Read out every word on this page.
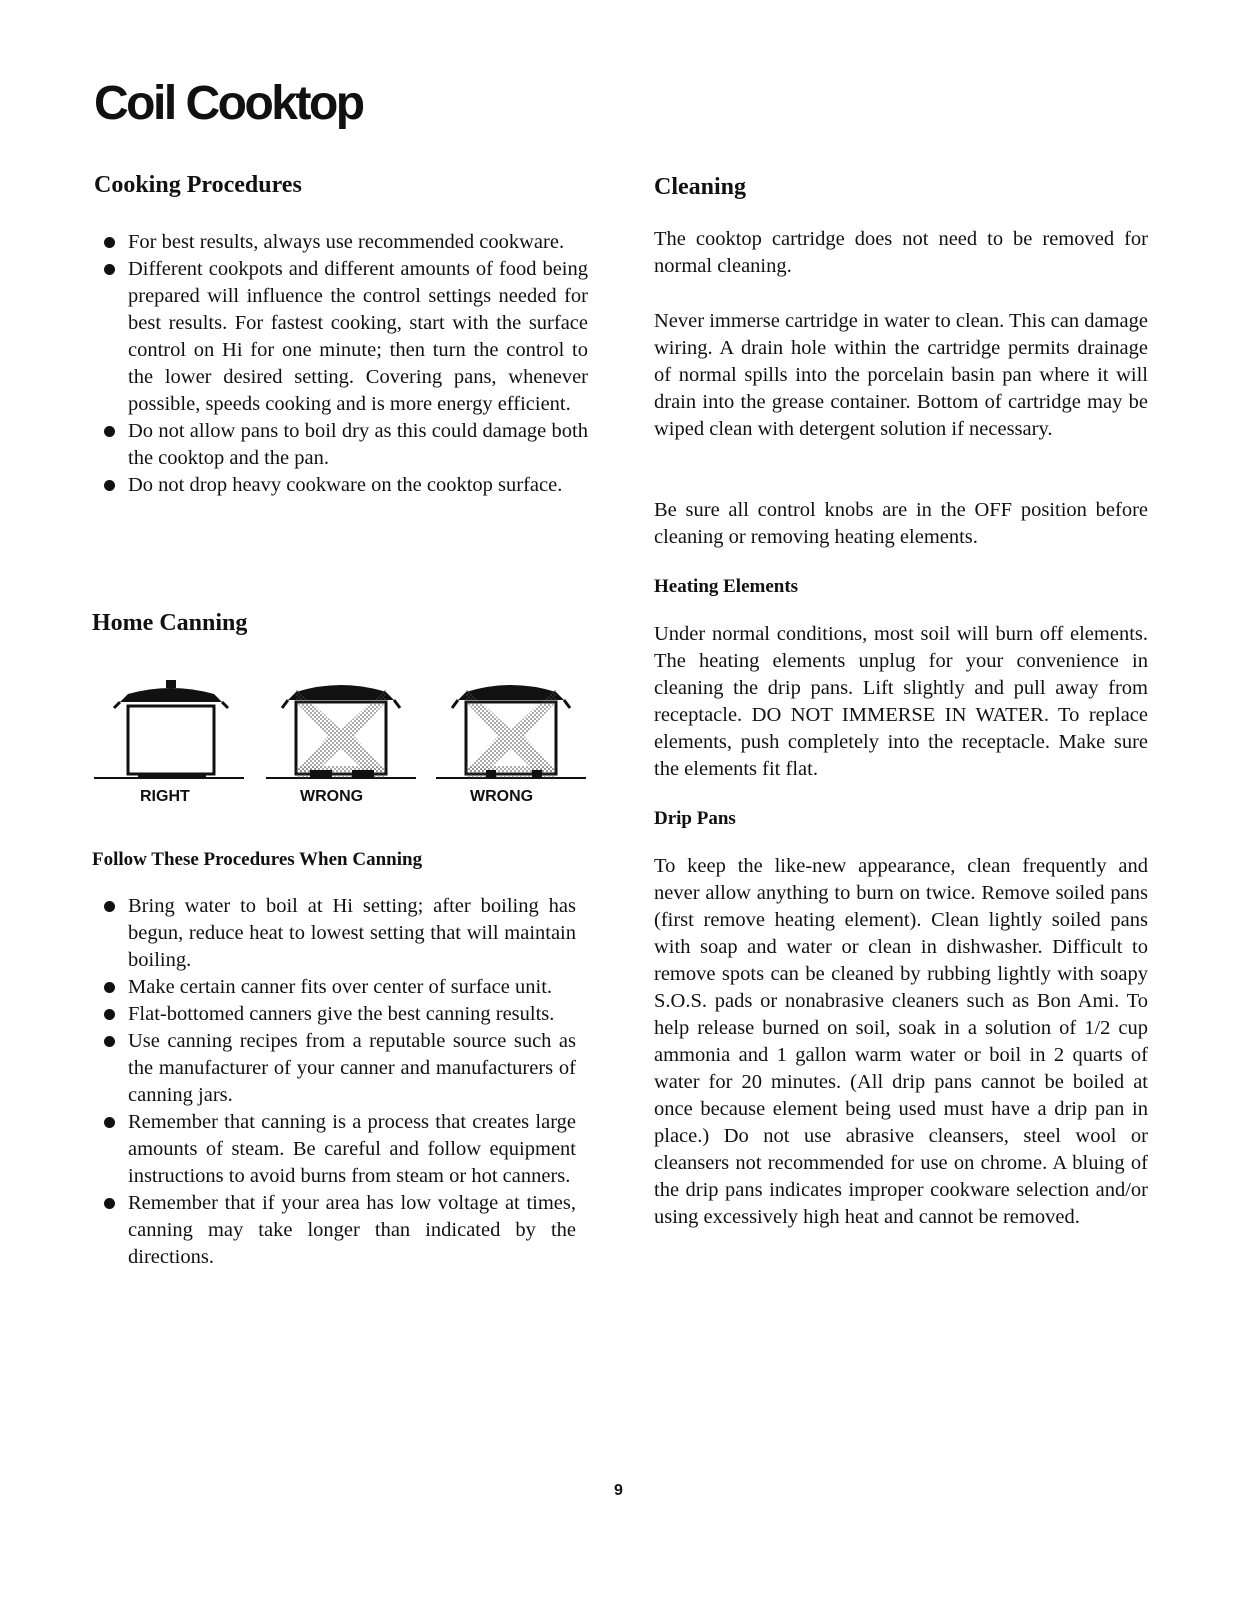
Coil Cooktop
Cooking Procedures
For best results, always use recommended cookware.
Different cookpots and different amounts of food being prepared will influence the control settings needed for best results. For fastest cooking, start with the surface control on Hi for one minute; then turn the control to the lower desired setting. Covering pans, whenever possible, speeds cooking and is more energy efficient.
Do not allow pans to boil dry as this could damage both the cooktop and the pan.
Do not drop heavy cookware on the cooktop surface.
Home Canning
RIGHT	WRONG	WRONG
Follow These Procedures When Canning
Bring water to boil at Hi setting; after boiling has begun, reduce heat to lowest setting that will maintain boiling.
Make certain canner fits over center of surface unit.
Flat-bottomed canners give the best canning results.
Use canning recipes from a reputable source such as the manufacturer of your canner and manufacturers of canning jars.
Remember that canning is a process that creates large amounts of steam. Be careful and follow equipment instructions to avoid burns from steam or hot canners.
Remember that if your area has low voltage at times, canning may take longer than indicated by the directions.
Cleaning

The cooktop cartridge does not need to be removed for normal cleaning.

Never immerse cartridge in water to clean. This can damage wiring. A drain hole within the cartridge permits drainage of normal spills into the porcelain basin pan where it will drain into the grease container. Bottom of cartridge may be wiped clean with detergent solution if necessary.

Be sure all control knobs are in the OFF position before cleaning or removing heating elements.

Heating Elements

Under normal conditions, most soil will burn off elements. The heating elements unplug for your convenience in cleaning the drip pans. Lift slightly and pull away from receptacle. DO NOT IMMERSE IN WATER. To replace elements, push completely into the receptacle. Make sure the elements fit flat.

Drip Pans

To keep the like-new appearance, clean frequently and never allow anything to burn on twice. Remove soiled pans (first remove heating element). Clean lightly soiled pans with soap and water or clean in dishwasher. Difficult to remove spots can be cleaned by rubbing lightly with soapy S.O.S. pads or nonabrasive cleaners such as Bon Ami. To help release burned on soil, soak in a solution of 1/2 cup ammonia and 1 gallon warm water or boil in 2 quarts of water for 20 minutes. (All drip pans cannot be boiled at once because element being used must have a drip pan in place.) Do not use abrasive cleansers, steel wool or cleansers not recommended for use on chrome. A bluing of the drip pans indicates improper cookware selection and/or using excessively high heat and cannot be removed.

9
